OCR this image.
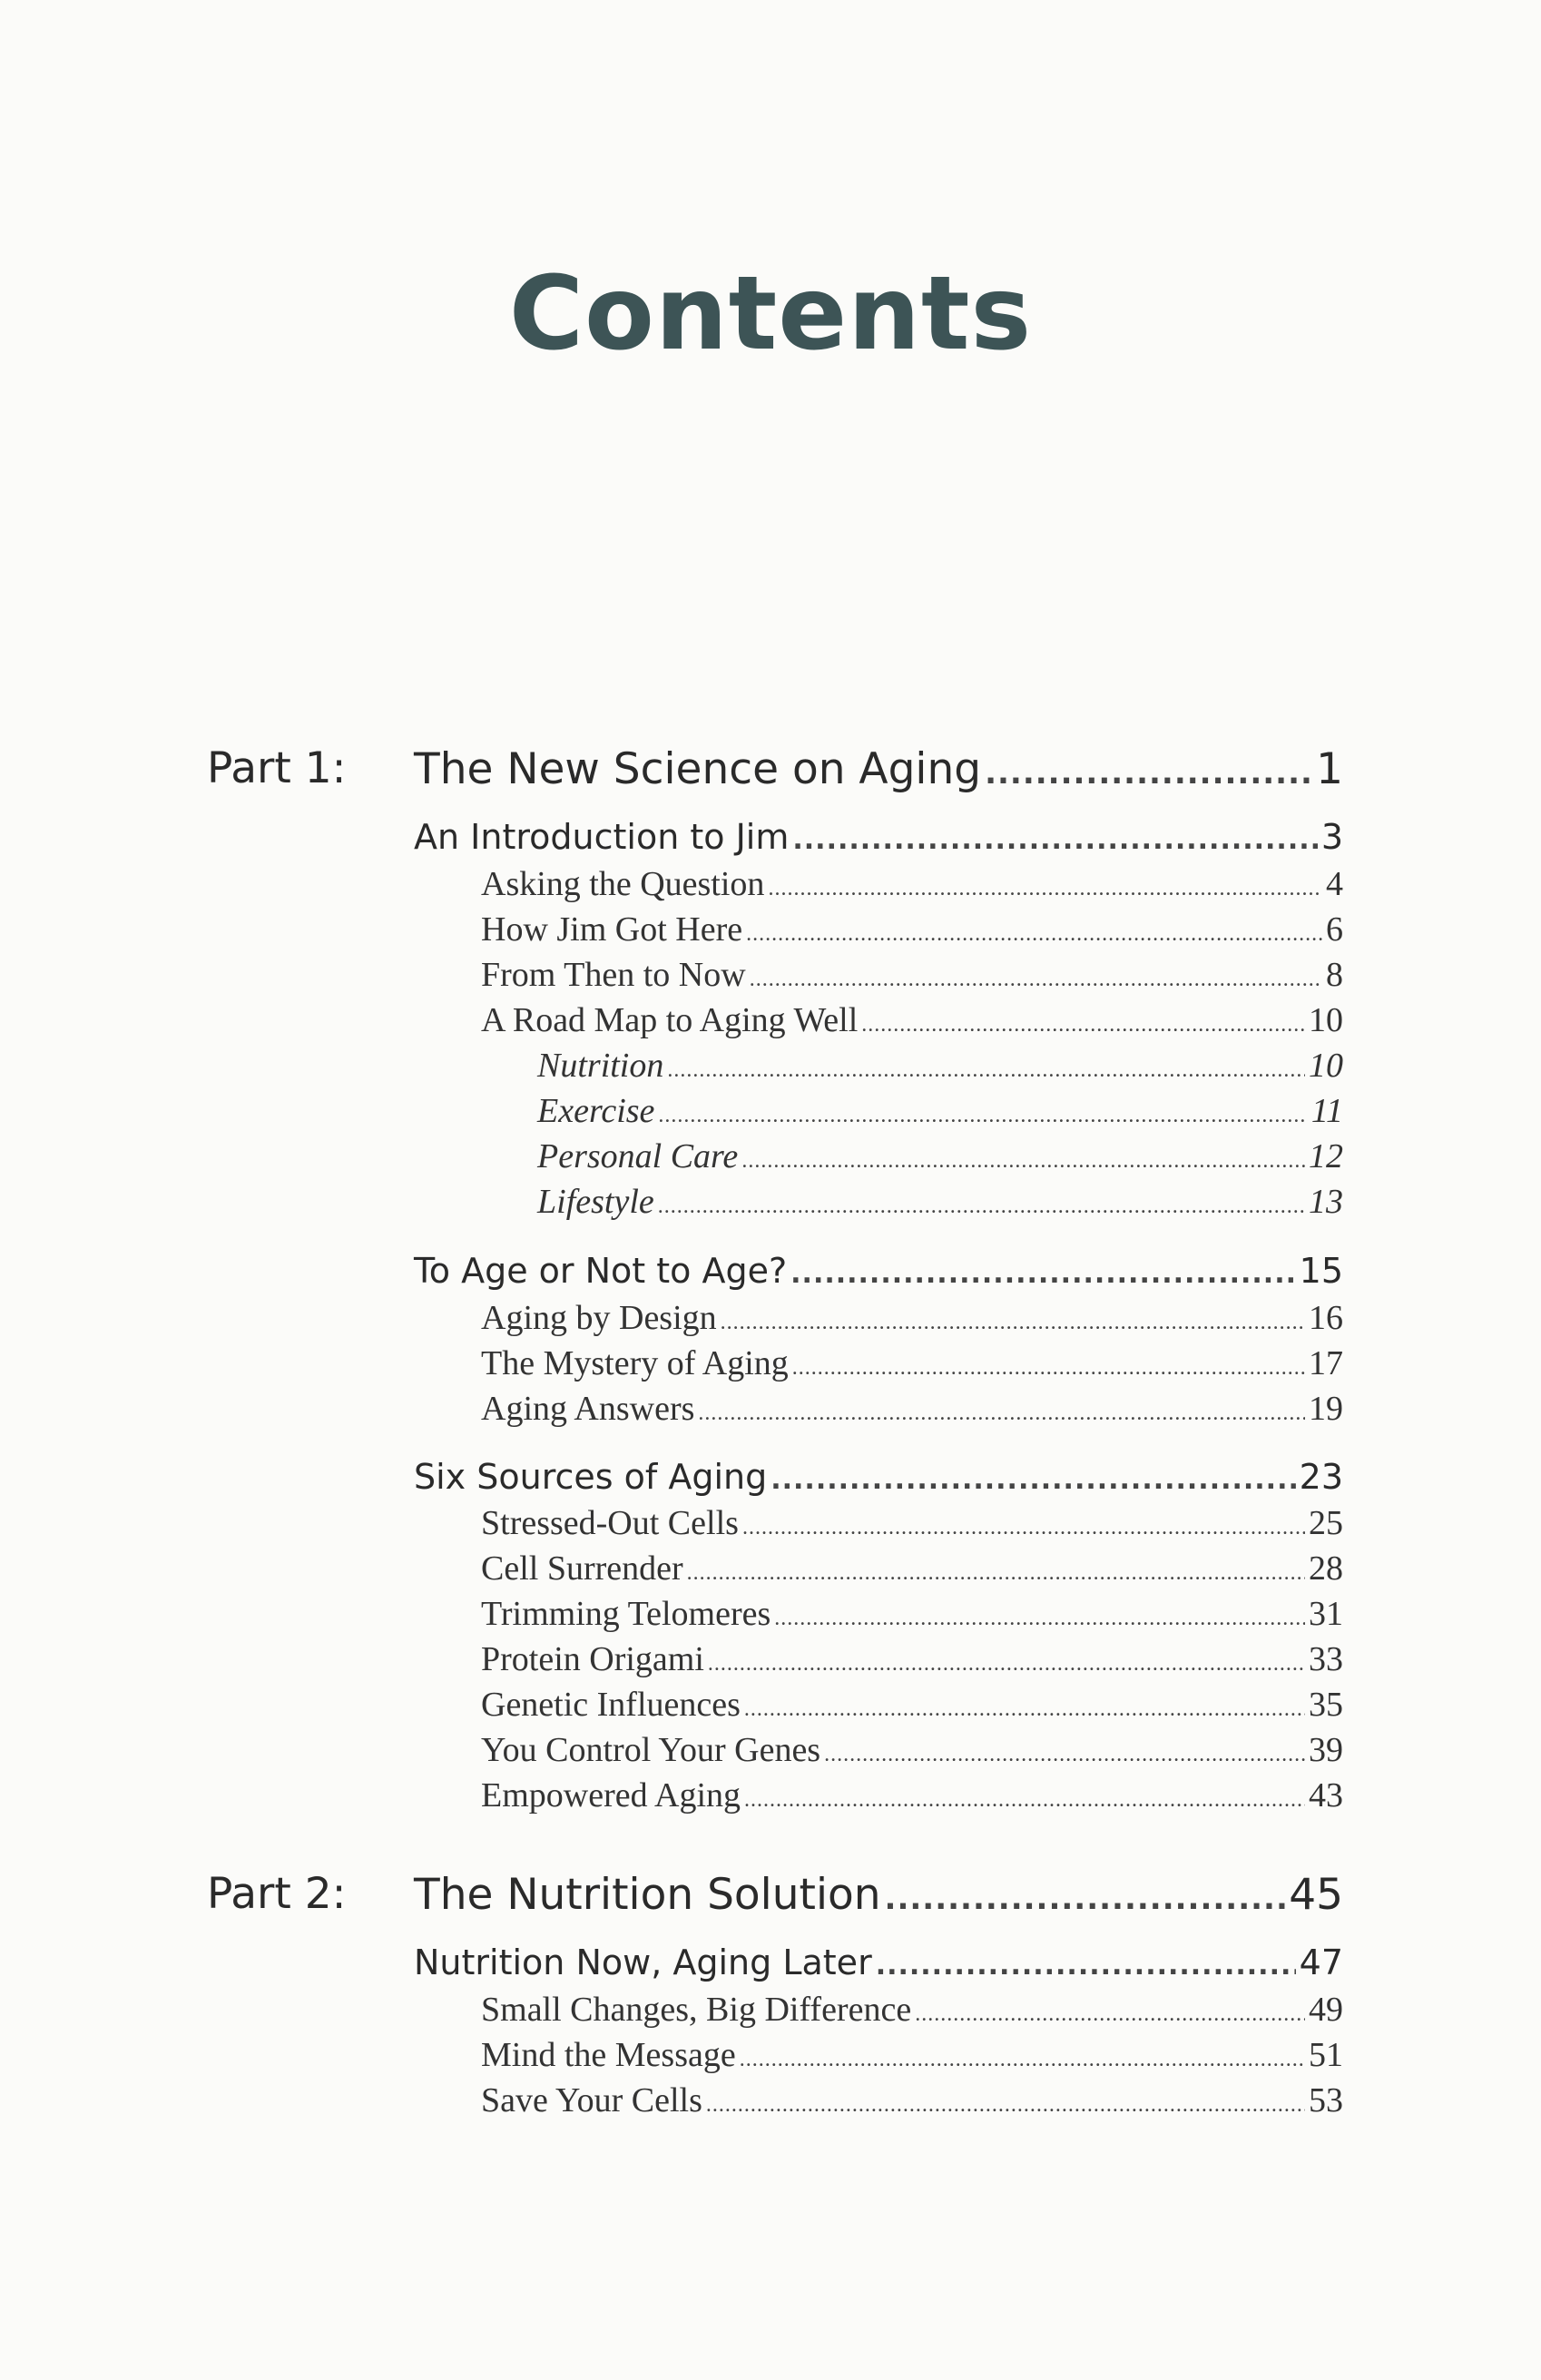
Contents
Part 1: The New Science on Aging .....	1
An Introduction to Jim .....	3
Asking the Question .....	4
How Jim Got Here .....	6
From Then to Now .....	8
A Road Map to Aging Well .....	10
Nutrition .....	10
Exercise .....	11
Personal Care .....	12
Lifestyle .....	13
To Age or Not to Age? .....	15
Aging by Design .....	16
The Mystery of Aging .....	17
Aging Answers .....	19
Six Sources of Aging .....	23
Stressed-Out Cells .....	25
Cell Surrender .....	28
Trimming Telomeres .....	31
Protein Origami .....	33
Genetic Influences .....	35
You Control Your Genes .....	39
Empowered Aging .....	43
Part 2: The Nutrition Solution .....	45
Nutrition Now, Aging Later .....	47
Small Changes, Big Difference .....	49
Mind the Message .....	51
Save Your Cells .....	53
